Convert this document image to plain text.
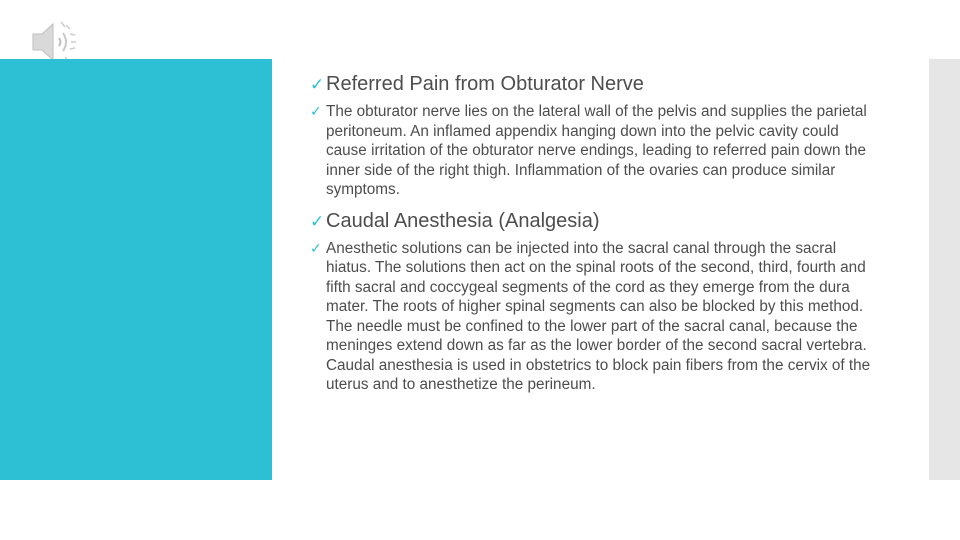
✓ Referred Pain from Obturator Nerve
✓ The obturator nerve lies on the lateral wall of the pelvis and supplies the parietal peritoneum. An inflamed appendix hanging down into the pelvic cavity could cause irritation of the obturator nerve endings, leading to referred pain down the inner side of the right thigh. Inflammation of the ovaries can produce similar symptoms.
✓ Caudal Anesthesia (Analgesia)
✓ Anesthetic solutions can be injected into the sacral canal through the sacral hiatus. The solutions then act on the spinal roots of the second, third, fourth and fifth sacral and coccygeal segments of the cord as they emerge from the dura mater. The roots of higher spinal segments can also be blocked by this method. The needle must be confined to the lower part of the sacral canal, because the meninges extend down as far as the lower border of the second sacral vertebra. Caudal anesthesia is used in obstetrics to block pain fibers from the cervix of the uterus and to anesthetize the perineum.
